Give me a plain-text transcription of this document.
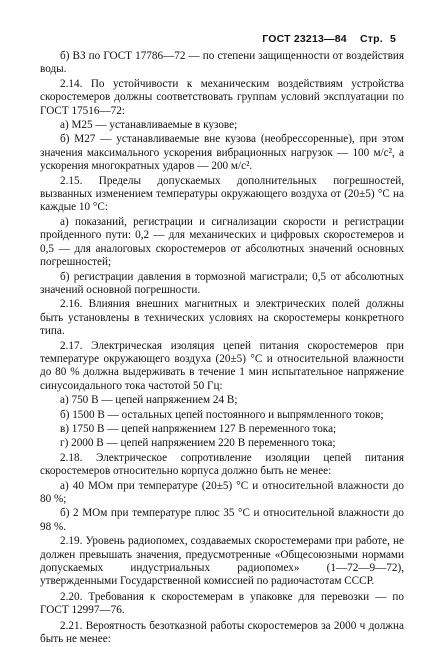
ГОСТ 23213—84 Стр. 5

б) ВЗ по ГОСТ 17786—72 — по степени защищенности от воздействия воды.

2.14. По устойчивости к механическим воздействиям устройства скоростемеров должны соответствовать группам условий эксплуатации по ГОСТ 17516—72:

а) М25 — устанавливаемые в кузове;

б) М27 — устанавливаемые вне кузова (необрессоренные), при этом значения максимального ускорения вибрационных нагрузок — 100 м/с², а ускорения многократных ударов — 200 м/с².

2.15. Пределы допускаемых дополнительных погрешностей, вызванных изменением температуры окружающего воздуха от (20±5) °С на каждые 10 °С:

а) показаний, регистрации и сигнализации скорости и регистрации пройденного пути: 0,2 — для механических и цифровых скоростемеров и 0,5 — для аналоговых скоростемеров от абсолютных значений основных погрешностей;

б) регистрации давления в тормозной магистрали; 0,5 от абсолютных значений основной погрешности.

2.16. Влияния внешних магнитных и электрических полей должны быть установлены в технических условиях на скоростемеры конкретного типа.

2.17. Электрическая изоляция цепей питания скоростемеров при температуре окружающего воздуха (20±5) °С и относительной влажности до 80 % должна выдерживать в течение 1 мин испытательное напряжение синусоидального тока частотой 50 Гц:

а) 750 В — цепей напряжением 24 В;

б) 1500 В — остальных цепей постоянного и выпрямленного токов;

в) 1750 В — цепей напряжением 127 В переменного тока;

г) 2000 В — цепей напряжением 220 В переменного тока;

2.18. Электрическое сопротивление изоляции цепей питания скоростемеров относительно корпуса должно быть не менее:

а) 40 МОм при температуре (20±5) °С и относительной влажности до 80 %;

б) 2 МОм при температуре плюс 35 °С и относительной влажности до 98 %.

2.19. Уровень радиопомех, создаваемых скоростемерами при работе, не должен превышать значения, предусмотренные «Общесоюзными нормами допускаемых индустриальных радиопомех» (1—72—9—72), утвержденными Государственной комиссией по радиочастотам СССР.

2.20. Требования к скоростемерам в упаковке для перевозки — по ГОСТ 12997—76.

2.21. Вероятность безотказной работы скоростемеров за 2000 ч должна быть не менее:
